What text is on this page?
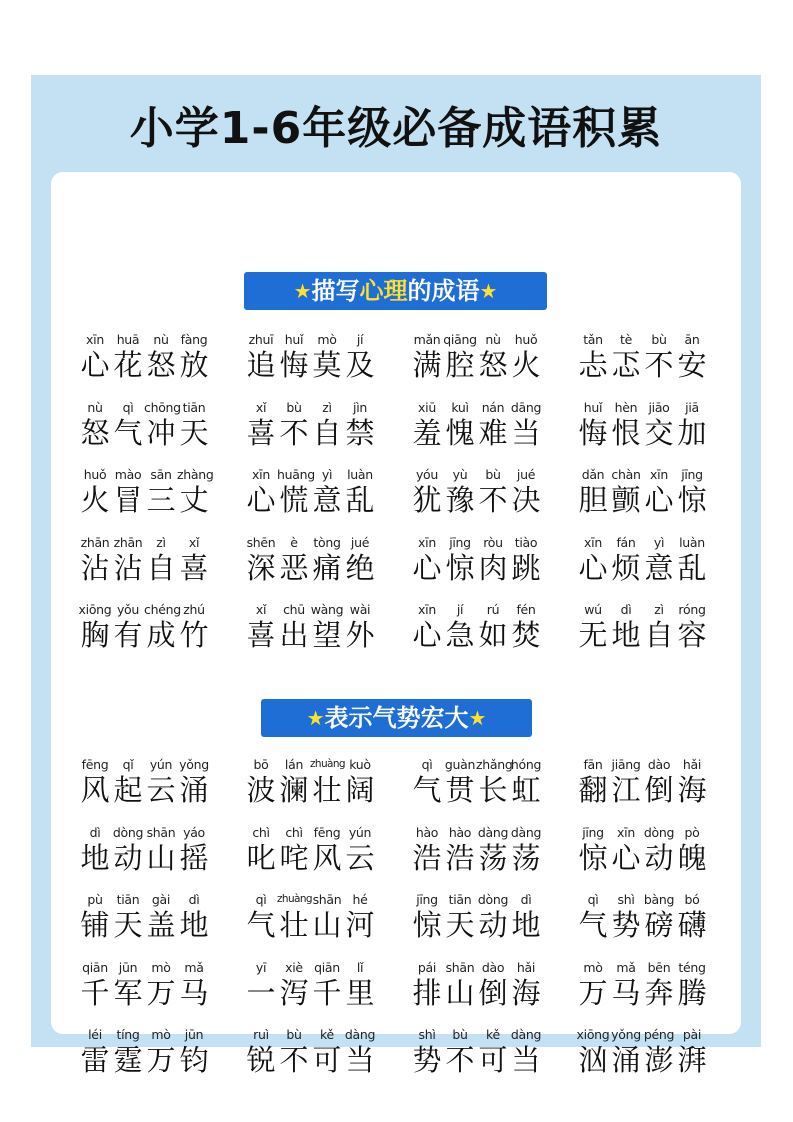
小学1-6年级必备成语积累
★描写心理的成语★
xīn
心
huā
花
nù
怒
fàng
放
zhuī
追
huǐ
悔
mò
莫
jí
及
mǎn
满
qiāng
腔
nù
怒
huǒ
火
tǎn
忐
tè
忑
bù
不
ān
安
nù
怒
qì
气
chōng
冲
tiān
天
xǐ
喜
bù
不
zì
自
jìn
禁
xiū
羞
kuì
愧
nán
难
dāng
当
huǐ
悔
hèn
恨
jiāo
交
jiā
加
huǒ
火
mào
冒
sān
三
zhàng
丈
xīn
心
huāng
慌
yì
意
luàn
乱
yóu
犹
yù
豫
bù
不
jué
决
dǎn
胆
chàn
颤
xīn
心
jīng
惊
zhān
沾
zhān
沾
zì
自
xǐ
喜
shēn
深
è
恶
tòng
痛
jué
绝
xīn
心
jīng
惊
ròu
肉
tiào
跳
xīn
心
fán
烦
yì
意
luàn
乱
xiōng
胸
yǒu
有
chéng
成
zhú
竹
xǐ
喜
chū
出
wàng
望
wài
外
xīn
心
jí
急
rú
如
fén
焚
wú
无
dì
地
zì
自
róng
容
★表示气势宏大★
fēng
风
qǐ
起
yún
云
yǒng
涌
bō
波
lán
澜
zhuàng
壮
kuò
阔
qì
气
guàn
贯
zhǎng
长
hóng
虹
fān
翻
jiāng
江
dào
倒
hǎi
海
dì
地
dòng
动
shān
山
yáo
摇
chì
叱
chì
咤
fēng
风
yún
云
hào
浩
hào
浩
dàng
荡
dàng
荡
jīng
惊
xīn
心
dòng
动
pò
魄
pù
铺
tiān
天
gài
盖
dì
地
qì
气
zhuàng
壮
shān
山
hé
河
jīng
惊
tiān
天
dòng
动
dì
地
qì
气
shì
势
bàng
磅
bó
礴
qiān
千
jūn
军
mò
万
mǎ
马
yī
一
xiè
泻
qiān
千
lǐ
里
pái
排
shān
山
dào
倒
hǎi
海
mò
万
mǎ
马
bēn
奔
téng
腾
léi
雷
tíng
霆
mò
万
jūn
钧
ruì
锐
bù
不
kě
可
dàng
当
shì
势
bù
不
kě
可
dàng
当
xiōng
汹
yǒng
涌
péng
澎
pài
湃
